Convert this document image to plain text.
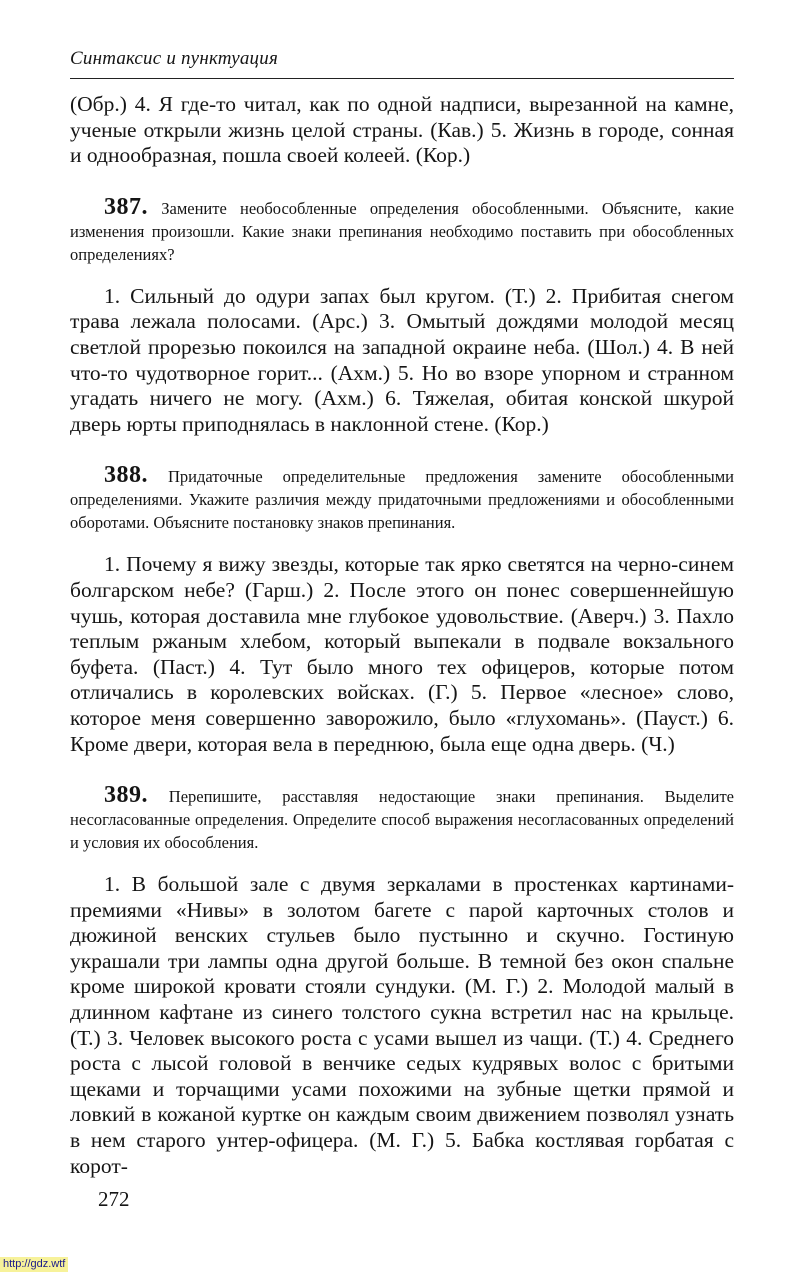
Синтаксис и пунктуация

(Обр.) 4. Я где-то читал, как по одной надписи, вырезанной на камне, ученые открыли жизнь целой страны. (Кав.) 5. Жизнь в городе, сонная и однообразная, пошла своей колеей. (Кор.)

387. Замените необособленные определения обособленными. Объясните, какие изменения произошли. Какие знаки препинания необходимо поставить при обособленных определениях?

1. Сильный до одури запах был кругом. (Т.) 2. Прибитая снегом трава лежала полосами. (Арс.) 3. Омытый дождями молодой месяц светлой прорезью покоился на западной окраине неба. (Шол.) 4. В ней что-то чудотворное горит... (Ахм.) 5. Но во взоре упорном и странном угадать ничего не могу. (Ахм.) 6. Тяжелая, обитая конской шкурой дверь юрты приподнялась в наклонной стене. (Кор.)

388. Придаточные определительные предложения замените обособленными определениями. Укажите различия между придаточными предложениями и обособленными оборотами. Объясните постановку знаков препинания.

1. Почему я вижу звезды, которые так ярко светятся на черно-синем болгарском небе? (Гарш.) 2. После этого он понес совершеннейшую чушь, которая доставила мне глубокое удовольствие. (Аверч.) 3. Пахло теплым ржаным хлебом, который выпекали в подвале вокзального буфета. (Паст.) 4. Тут было много тех офицеров, которые потом отличались в королевских войсках. (Г.) 5. Первое «лесное» слово, которое меня совершенно заворожило, было «глухомань». (Пауст.) 6. Кроме двери, которая вела в переднюю, была еще одна дверь. (Ч.)

389. Перепишите, расставляя недостающие знаки препинания. Выделите несогласованные определения. Определите способ выражения несогласованных определений и условия их обособления.

1. В большой зале с двумя зеркалами в простенках картинами-премиями «Нивы» в золотом багете с парой карточных столов и дюжиной венских стульев было пустынно и скучно. Гостиную украшали три лампы одна другой больше. В темной без окон спальне кроме широкой кровати стояли сундуки. (М. Г.) 2. Молодой малый в длинном кафтане из синего толстого сукна встретил нас на крыльце. (Т.) 3. Человек высокого роста с усами вышел из чащи. (Т.) 4. Среднего роста с лысой головой в венчике седых кудрявых волос с бритыми щеками и торчащими усами похожими на зубные щетки прямой и ловкий в кожаной куртке он каждым своим движением позволял узнать в нем старого унтер-офицера. (М. Г.) 5. Бабка костлявая горбатая с корот-

272
http://gdz.wtf
